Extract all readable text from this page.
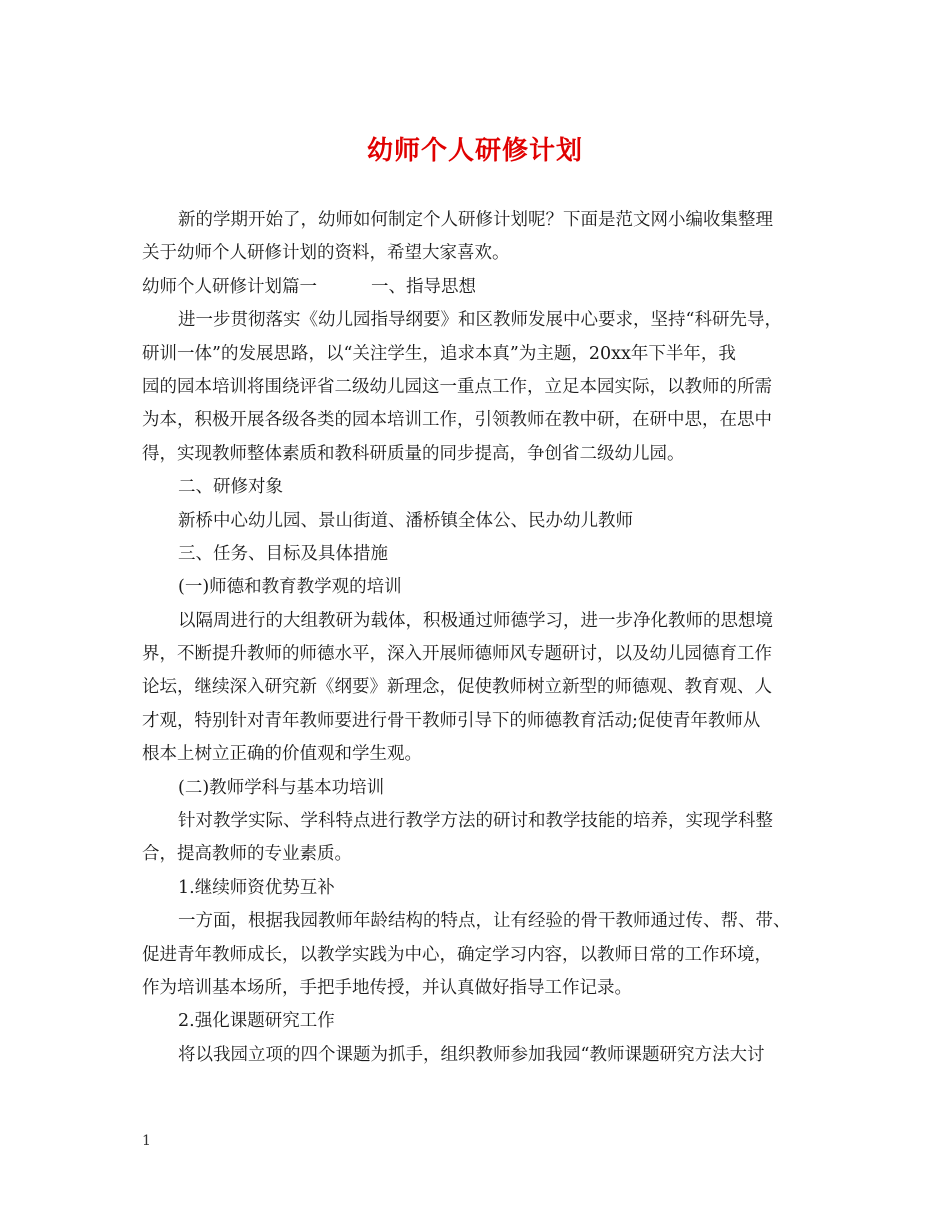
幼师个人研修计划
新的学期开始了，幼师如何制定个人研修计划呢？下面是范文网小编收集整理
关于幼师个人研修计划的资料，希望大家喜欢。
幼师个人研修计划篇一	一、指导思想
进一步贯彻落实《幼儿园指导纲要》和区教师发展中心要求，坚持“科研先导，
研训一体”的发展思路，以“关注学生，追求本真”为主题，20xx年下半年，我
园的园本培训将围绕评省二级幼儿园这一重点工作，立足本园实际，以教师的所需
为本，积极开展各级各类的园本培训工作，引领教师在教中研，在研中思，在思中
得，实现教师整体素质和教科研质量的同步提高，争创省二级幼儿园。
二、研修对象
新桥中心幼儿园、景山街道、潘桥镇全体公、民办幼儿教师
三、任务、目标及具体措施
(一)师德和教育教学观的培训
以隔周进行的大组教研为载体，积极通过师德学习，进一步净化教师的思想境
界，不断提升教师的师德水平，深入开展师德师风专题研讨，以及幼儿园德育工作
论坛，继续深入研究新《纲要》新理念，促使教师树立新型的师德观、教育观、人
才观，特别针对青年教师要进行骨干教师引导下的师德教育活动;促使青年教师从
根本上树立正确的价值观和学生观。
(二)教师学科与基本功培训
针对教学实际、学科特点进行教学方法的研讨和教学技能的培养，实现学科整
合，提高教师的专业素质。
1.继续师资优势互补
一方面，根据我园教师年龄结构的特点，让有经验的骨干教师通过传、帮、带、
促进青年教师成长，以教学实践为中心，确定学习内容，以教师日常的工作环境，
作为培训基本场所，手把手地传授，并认真做好指导工作记录。
2.强化课题研究工作
将以我园立项的四个课题为抓手，组织教师参加我园“教师课题研究方法大讨
1
